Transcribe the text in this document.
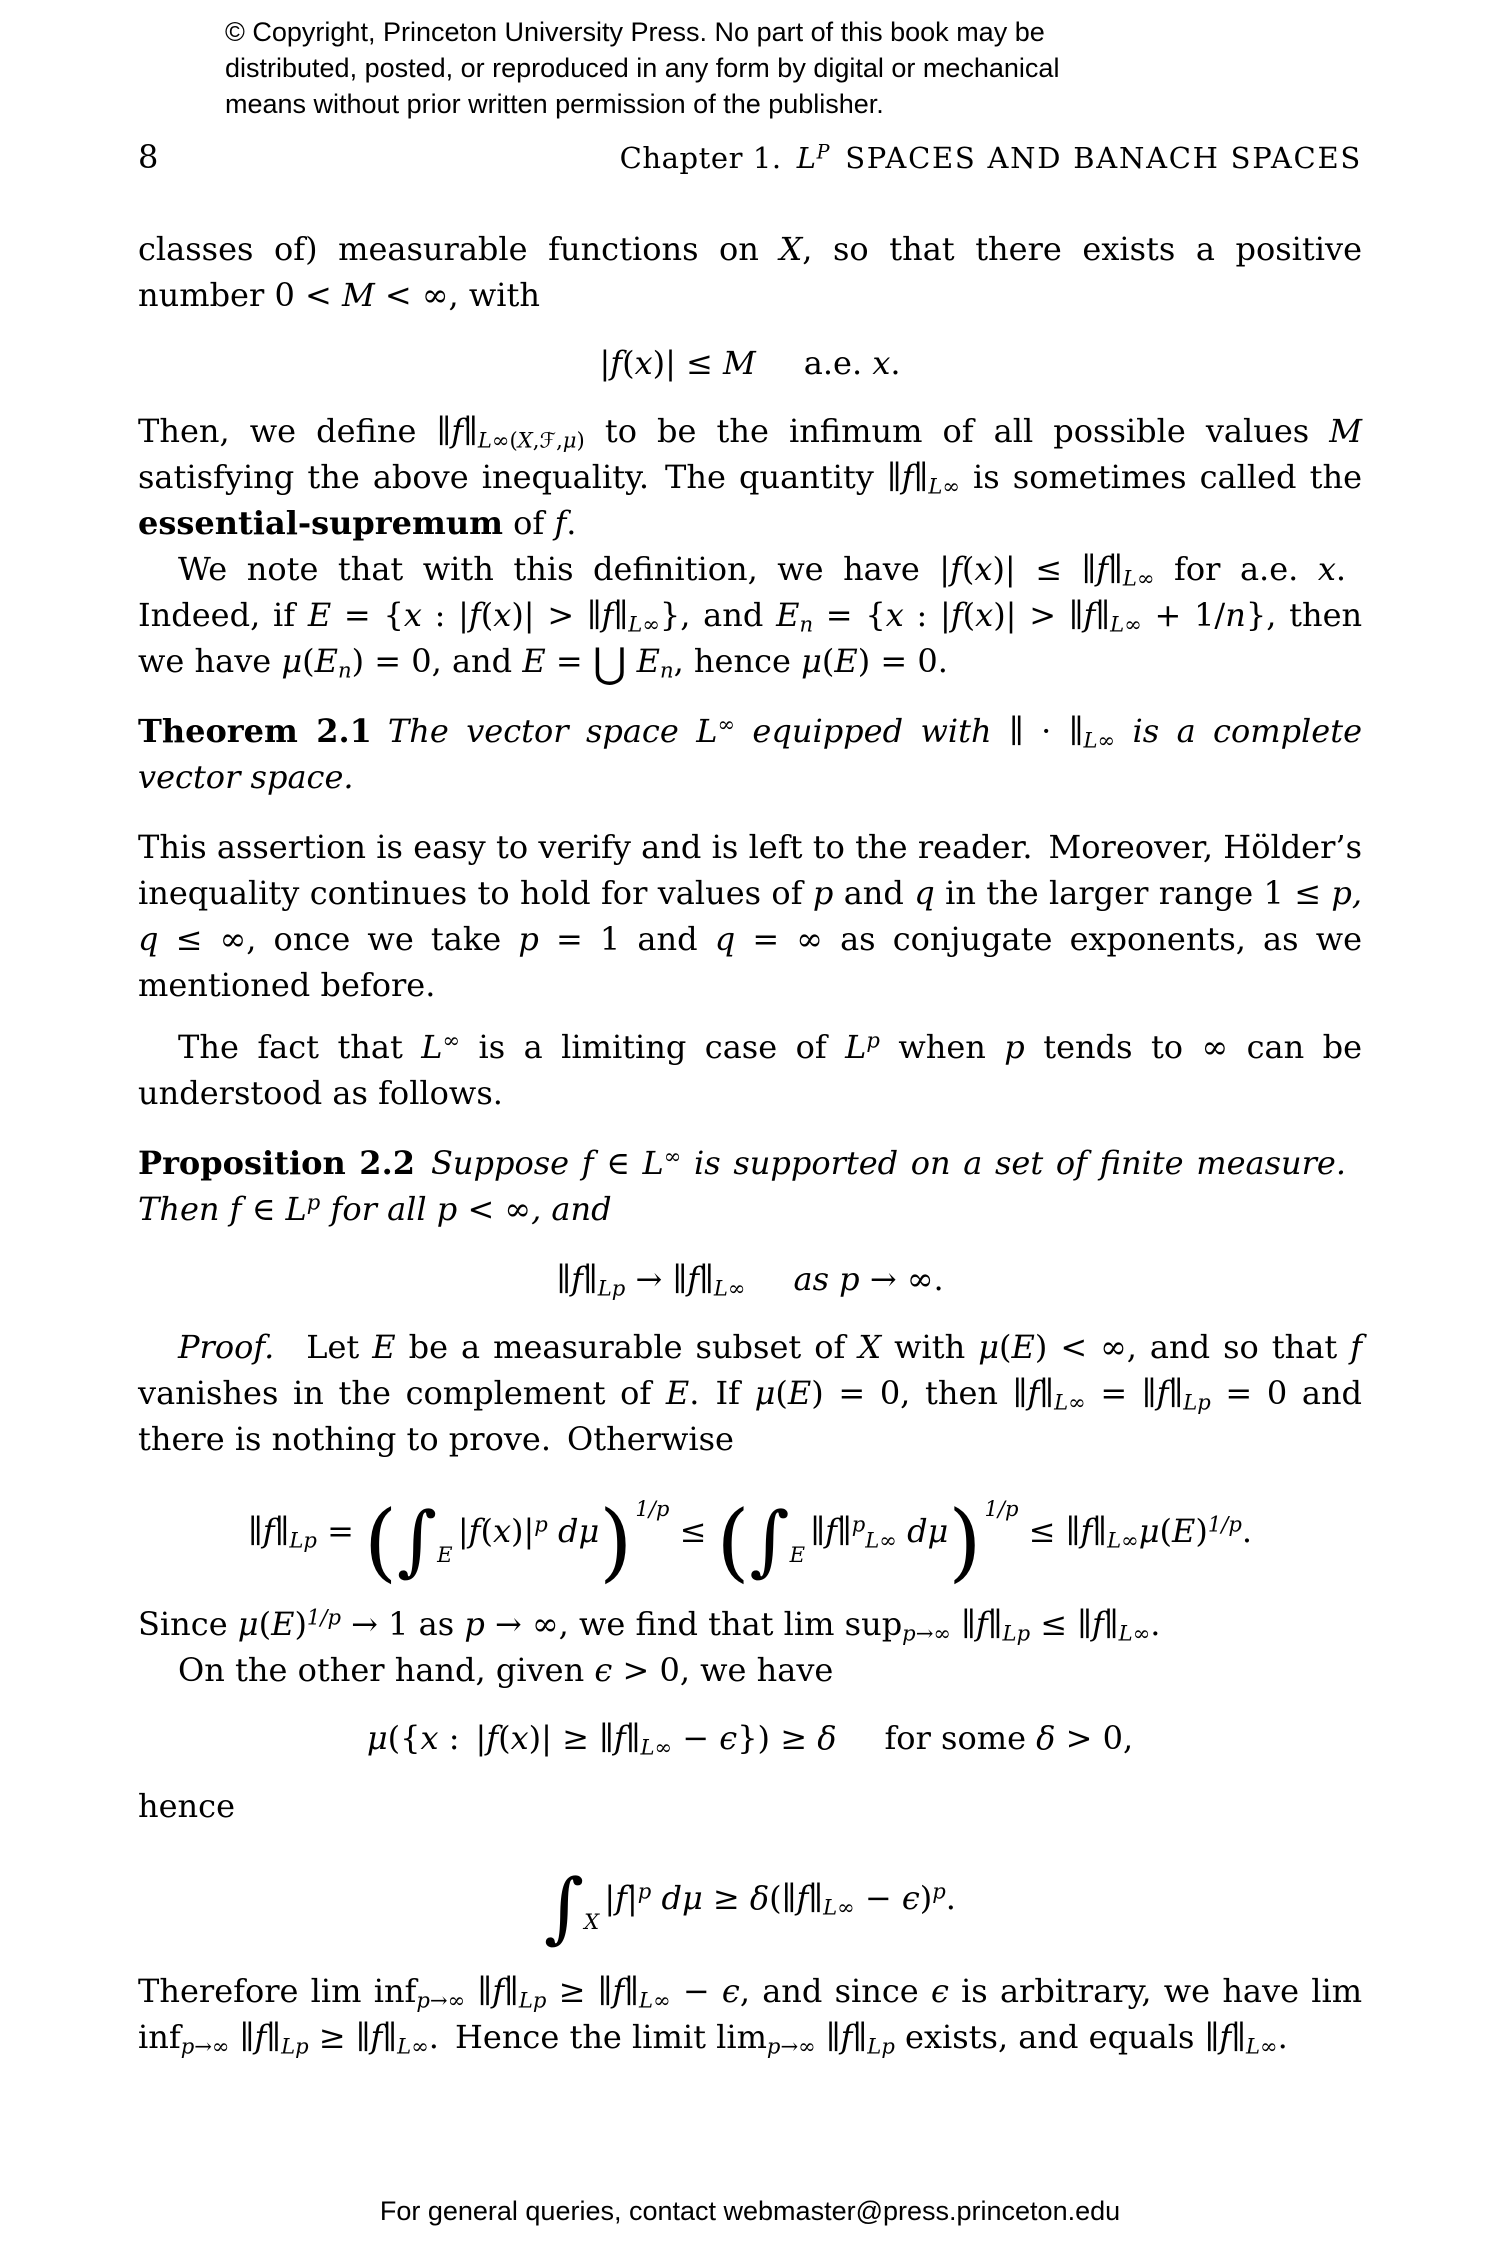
© Copyright, Princeton University Press. No part of this book may be
distributed, posted, or reproduced in any form by digital or mechanical
means without prior written permission of the publisher.
8	Chapter 1. $L^P$  SPACES AND BANACH SPACES
classes of) measurable functions on X, so that there exists a positive number 0 < M < ∞, with
|f(x)| ≤ M  a.e. x.
Then, we define $\parallel f\parallel_{L\infty(X,ℱ,\mu)}$ to be the infimum of all possible values M satisfying the above inequality. The quantity $\parallel f\parallel_{L\infty}$ is sometimes called the essential-supremum of f.
We note that with this definition, we have $|f(x)| \le \parallel f\parallel_{L\infty}$ for a.e. x. Indeed, if E = {x : $|f(x)| > \parallel f\parallel_{L\infty}$}, and $E_n = \{x$ : $|f(x)| > \parallel f\parallel_{L\infty} + 1/n$}, then we have $\mu(E_n) = 0$, and E = ⋃ $E_n$, hence μ(E) = 0.
Theorem 2.1  The vector space L∞ equipped with ∥ · $\parallel_{L\infty}$ is a complete vector space.
This assertion is easy to verify and is left to the reader. Moreover, Hölder’s inequality continues to hold for values of p and q in the larger range 1 ≤ p, q ≤ ∞, once we take p = 1 and q = ∞ as conjugate exponents, as we mentioned before.
The fact that L∞ is a limiting case of $L^p$ when p tends to ∞ can be understood as follows.
Proposition 2.2  Suppose f ∈ L∞ is supported on a set of finite measure. Then f ∈ $L^p$ for all p < ∞, and
$\parallel f\parallel_{Lp}$ → $\parallel f\parallel_{L\infty}$   as p → ∞.
Proof. Let E be a measurable subset of X with μ(E) < ∞, and so that f vanishes in the complement of E. If μ(E) = 0, then $\parallel f\parallel_{L\infty}$ = $\parallel f\parallel_{Lp} = 0$ and there is nothing to prove. Otherwise
$\parallel f\parallel_{Lp} = (\int_E|f(x)|^p$ dμ) $^{1/p} \le (\int_E\parallel f\parallel^p_{L\infty}$ dμ) $^{1/p} \le \parallel f\parallel_{L\infty}\mu(E)^{1/p}$.
Since $\mu(E)^{1/p} \to 1$ as p → ∞, we find that lim sup$_{p\to\infty}$ $\parallel f\parallel_{Lp}$ ≤ $\parallel f\parallel_{L\infty}$.
On the other hand, given ϵ > 0, we have
μ({x : $|f(x)| \ge \parallel f\parallel_{L\infty} - \epsilon\}) \ge \delta$  for some δ > 0,
hence
$\int_X|f|^p$ $d\mu \ge \delta(\parallel f\parallel_{L\infty} - \epsilon)^p$.
Therefore lim inf$_{p\to\infty}$ $\parallel f\parallel_{Lp}$ ≥ $\parallel f\parallel_{L\infty} - \epsilon$, and since ϵ is arbitrary, we have lim inf$_{p\to\infty}$ $\parallel f\parallel_{Lp}$ ≥ $\parallel f\parallel_{L\infty}$. Hence the limit $\lim_{p\to\infty}$ $\parallel f\parallel_{Lp}$ exists, and equals $\parallel f\parallel_{L\infty}$.
For general queries, contact webmaster@press.princeton.edu
